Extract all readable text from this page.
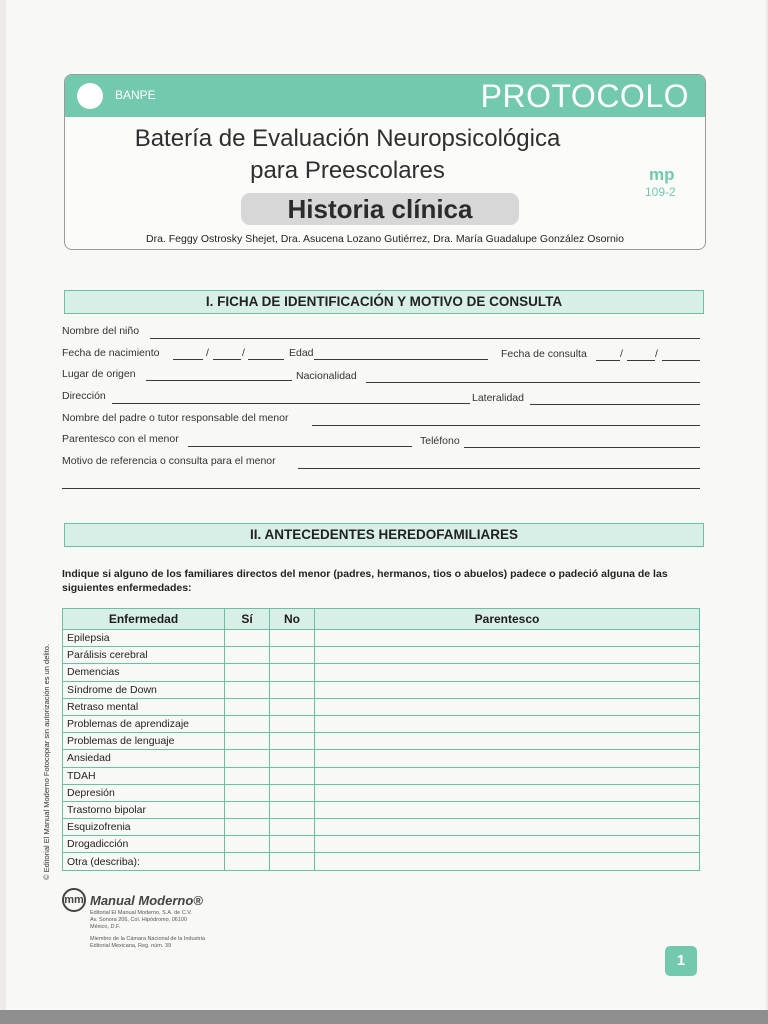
BANPE	PROTOCOLO
Batería de Evaluación Neuropsicológica
para Preescolares
Historia clínica
mp
109-2
Dra. Feggy Ostrosky Shejet, Dra. Asucena Lozano Gutiérrez, Dra. María Guadalupe González Osornio
I. FICHA DE IDENTIFICACIÓN Y MOTIVO DE CONSULTA
Nombre del niño
Fecha de nacimiento	/	/	Edad	Fecha de consulta	/	/
Lugar de origen	Nacionalidad
Dirección	Lateralidad
Nombre del padre o tutor responsable del menor
Parentesco con el menor	Teléfono
Motivo de referencia o consulta para el menor
II. ANTECEDENTES HEREDOFAMILIARES
Indique si alguno de los familiares directos del menor (padres, hermanos, tios o abuelos) padece o padeció alguna de las siguientes enfermedades:
Enfermedad	Sí	No	Parentesco
Epilepsia			
Parálisis cerebral			
Demencias			
Síndrome de Down			
Retraso mental			
Problemas de aprendizaje			
Problemas de lenguaje			
Ansiedad			
TDAH			
Depresión			
Trastorno bipolar			
Esquizofrenia			
Drogadicción			
Otra (describa):			
© Editorial El Manual Moderno Fotocopiar sin autorización es un delito.
mm Manual Moderno®
Editorial El Manual Moderno, S.A. de C.V.
Av. Sonora 206, Col. Hipódromo, 06100
México, D.F.
Miembro de la Cámara Nacional de la Industria
Editorial Mexicana, Reg. núm. 39
1
